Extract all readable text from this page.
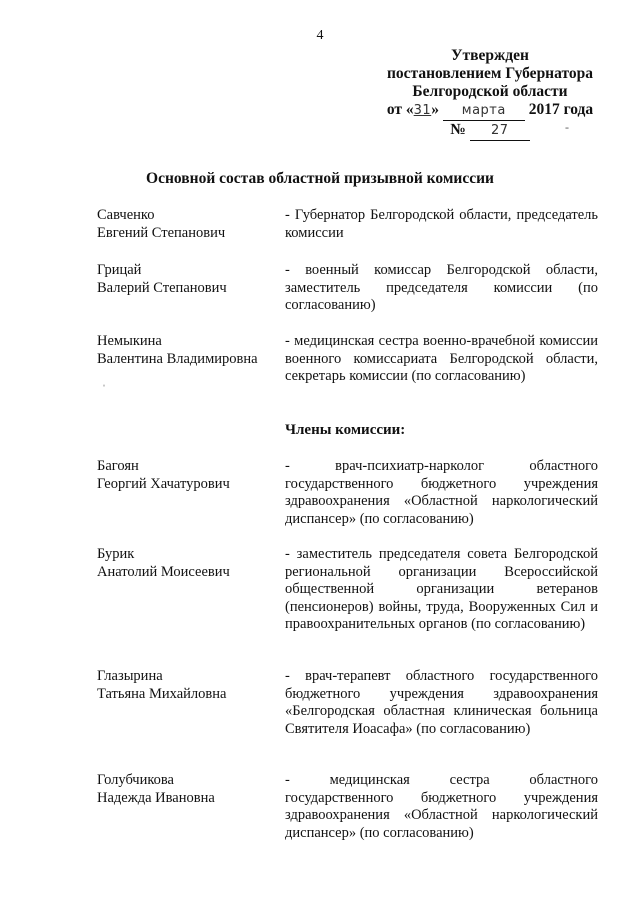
4
Утвержден
постановлением Губернатора
Белгородской области
от «31» марта 2017 года
№ 27
Основной состав областной призывной комиссии
Савченко
Евгений Степанович
- Губернатор Белгородской области, председатель комиссии
Грицай
Валерий Степанович
- военный комиссар Белгородской области, заместитель председателя комиссии (по согласованию)
Немыкина
Валентина Владимировна
- медицинская сестра военно-врачебной комиссии военного комиссариата Белгородской области, секретарь комиссии (по согласованию)
Члены комиссии:
Багоян
Георгий Хачатурович
- врач-психиатр-нарколог областного государственного бюджетного учреждения здравоохранения «Областной наркологический диспансер» (по согласованию)
Бурик
Анатолий Моисеевич
- заместитель председателя совета Белгородской региональной организации Всероссийской общественной организации ветеранов (пенсионеров) войны, труда, Вооруженных Сил и правоохранительных органов (по согласованию)
Глазырина
Татьяна Михайловна
- врач-терапевт областного государственного бюджетного учреждения здравоохранения «Белгородская областная клиническая больница Святителя Иоасафа» (по согласованию)
Голубчикова
Надежда Ивановна
- медицинская сестра областного государственного бюджетного учреждения здравоохранения «Областной наркологический диспансер» (по согласованию)
ˌ
-
